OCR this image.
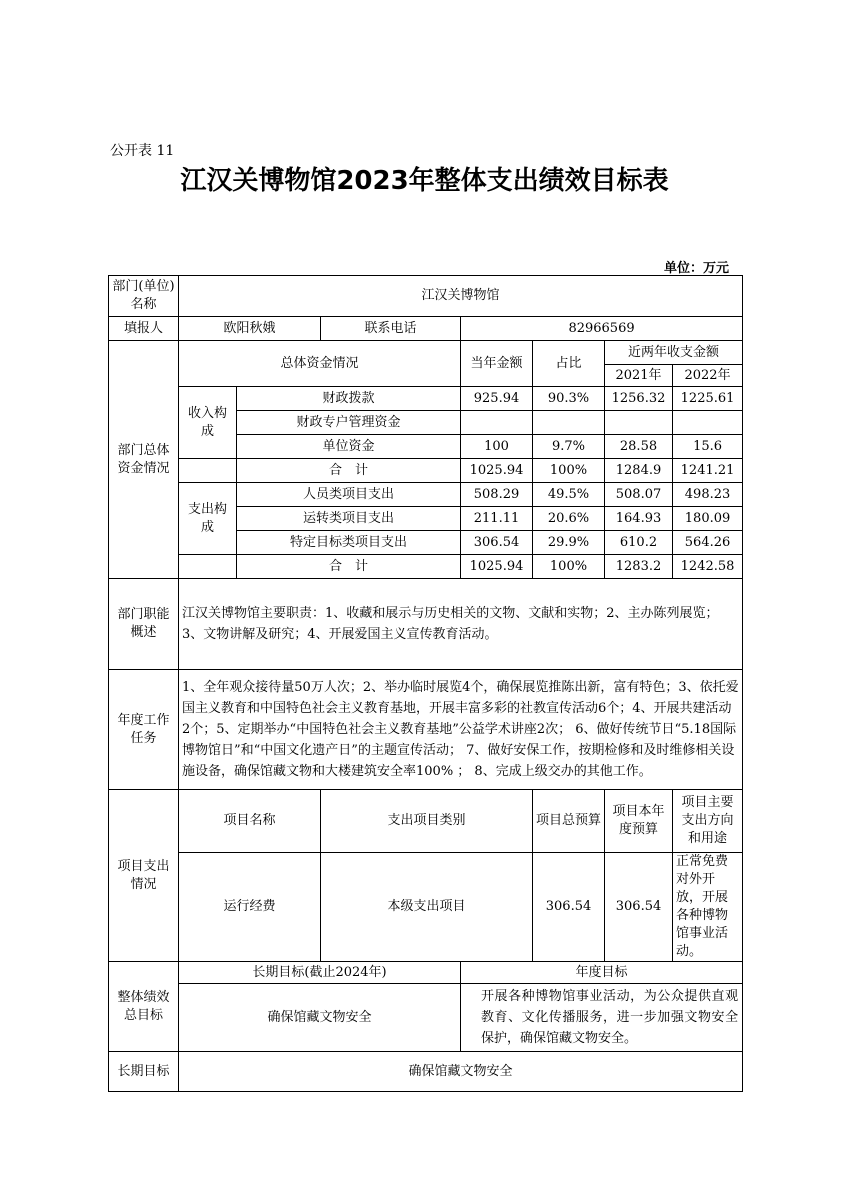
公开表 11
江汉关博物馆2023年整体支出绩效目标表
单位：万元
部门(单位)名称	江汉关博物馆						
填报人	欧阳秋娥		联系电话	82966569			
部门总体资金情况	总体资金情况			当年金额	占比	近两年收支金额	
						2021年	2022年
	收入构成	财政拨款		925.94	90.3%	1256.32	1225.61
		财政专户管理资金					
		单位资金		100	9.7%	28.58	15.6
		合　计		1025.94	100%	1284.9	1241.21
	支出构成	人员类项目支出		508.29	49.5%	508.07	498.23
		运转类项目支出		211.11	20.6%	164.93	180.09
		特定目标类项目支出		306.54	29.9%	610.2	564.26
		合　计		1025.94	100%	1283.2	1242.58
部门职能概述	江汉关博物馆主要职责：1、收藏和展示与历史相关的文物、文献和实物；2、主办陈列展览；3、文物讲解及研究；4、开展爱国主义宣传教育活动。						
年度工作任务	1、全年观众接待量50万人次；2、举办临时展览4个，确保展览推陈出新，富有特色；3、依托爱国主义教育和中国特色社会主义教育基地，开展丰富多彩的社教宣传活动6个；4、开展共建活动2个；5、定期举办“中国特色社会主义教育基地”公益学术讲座2次； 6、做好传统节日“5.18国际博物馆日”和“中国文化遗产日”的主题宣传活动； 7、做好安保工作，按期检修和及时维修相关设施设备，确保馆藏文物和大楼建筑安全率100% ； 8、完成上级交办的其他工作。						
项目支出情况	项目名称		支出项目类别		项目总预算	项目本年度预算	项目主要支出方向和用途
	运行经费		本级支出项目		306.54	306.54	正常免费对外开放，开展各种博物馆事业活动。
整体绩效总目标	长期目标(截止2024年)			年度目标			
	确保馆藏文物安全			开展各种博物馆事业活动，为公众提供直观教育、文化传播服务，进一步加强文物安全保护，确保馆藏文物安全。			
长期目标	确保馆藏文物安全						
